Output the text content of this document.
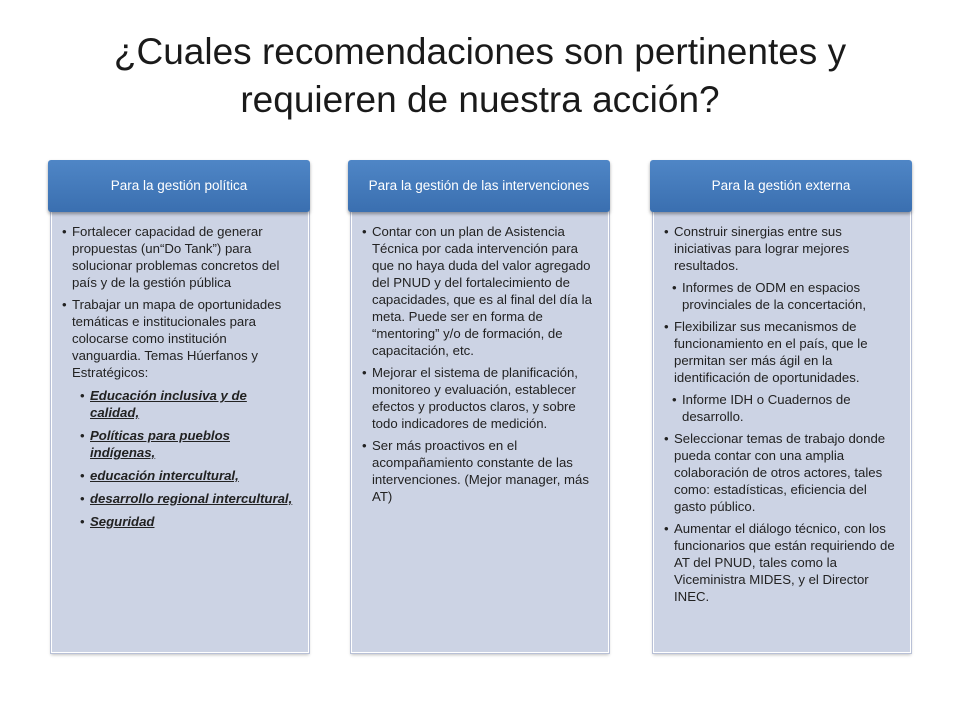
¿Cuales recomendaciones son pertinentes y
requieren de nuestra acción?
Para la gestión política
• Fortalecer capacidad de generar propuestas (un“Do Tank”) para solucionar problemas concretos del país y de la gestión pública
• Trabajar un mapa de oportunidades temáticas e institucionales para colocarse como institución vanguardia. Temas Húerfanos y Estratégicos:
• Educación inclusiva y de calidad,
• Políticas para pueblos indígenas,
• educación intercultural,
• desarrollo regional intercultural,
• Seguridad
Para la gestión de las intervenciones
• Contar con un plan de Asistencia Técnica por cada intervención para que no haya duda del valor agregado del PNUD y del fortalecimiento de capacidades, que es al final del día la meta. Puede ser en forma de “mentoring” y/o de formación, de capacitación, etc.
• Mejorar el sistema de planificación, monitoreo y evaluación, establecer efectos y productos claros, y sobre todo indicadores de medición.
• Ser más proactivos en el acompañamiento constante de las intervenciones. (Mejor manager, más AT)
Para la gestión externa
• Construir sinergias entre sus iniciativas para lograr mejores resultados.
• Informes de ODM en espacios provinciales de la concertación,
• Flexibilizar sus mecanismos de funcionamiento en el país, que le permitan ser más ágil en la identificación de oportunidades.
• Informe IDH o Cuadernos de desarrollo.
• Seleccionar temas de trabajo donde pueda contar con una amplia colaboración de otros actores, tales como: estadísticas, eficiencia del gasto público.
• Aumentar el diálogo técnico, con los funcionarios que están requiriendo de AT del PNUD, tales como la Viceministra MIDES, y el Director INEC.
